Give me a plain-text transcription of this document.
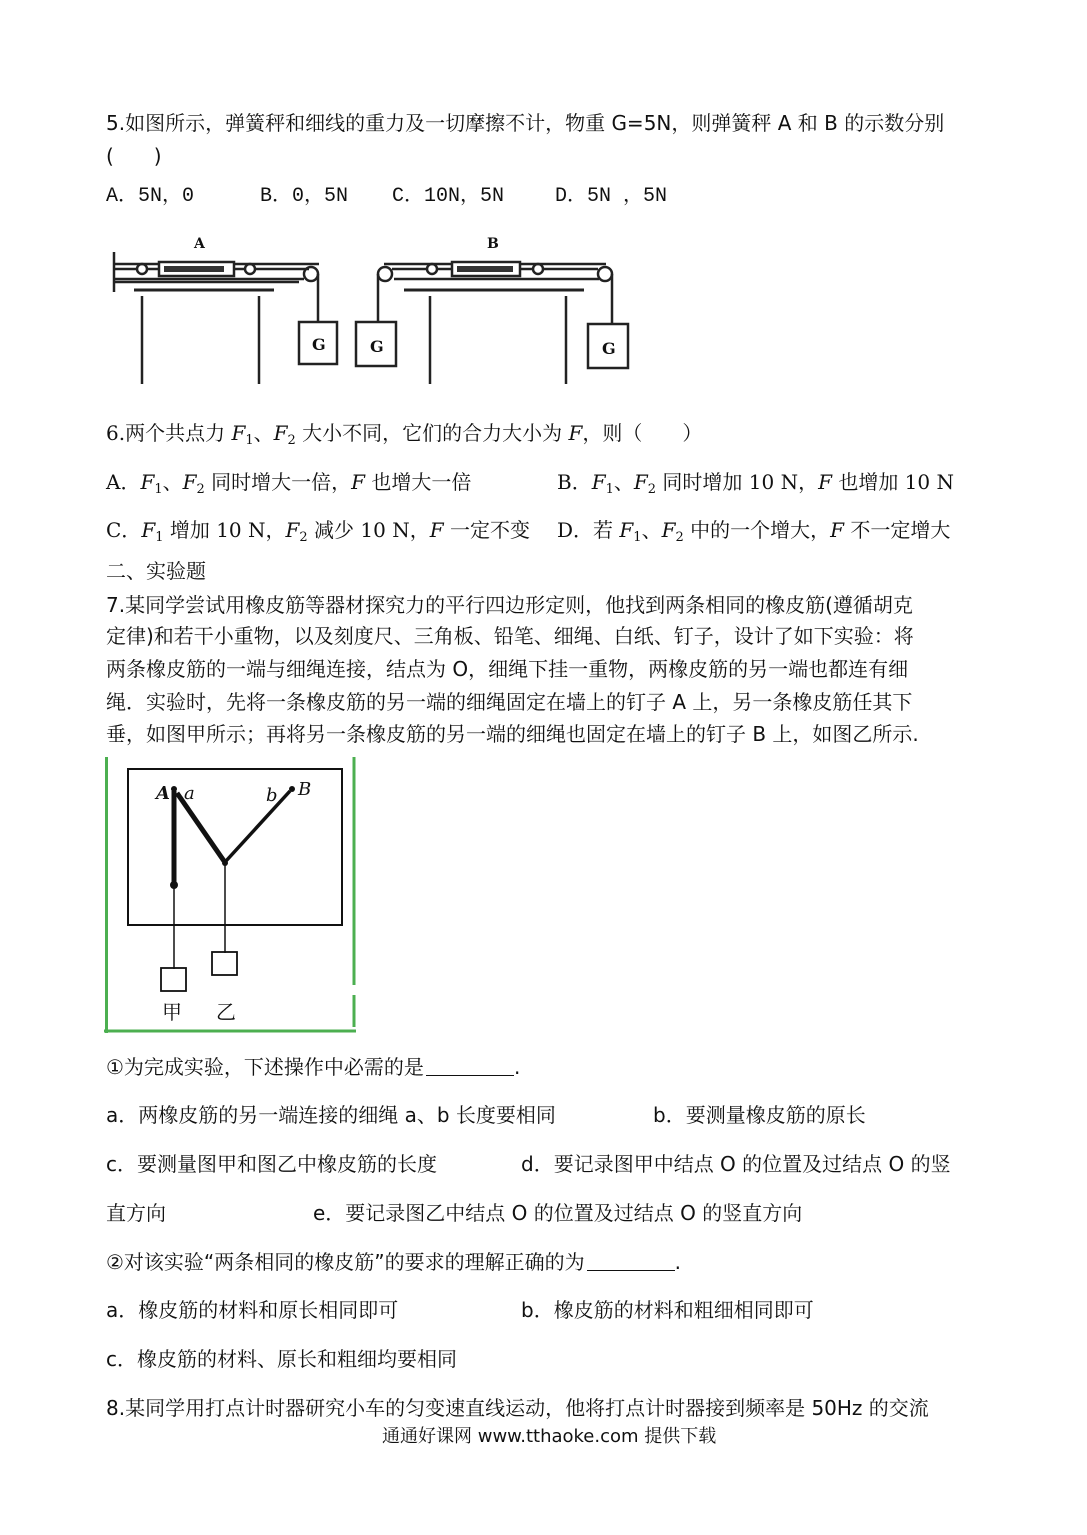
5.如图所示，弹簧秤和细线的重力及一切摩擦不计，物重 G=5N，则弹簧秤 A 和 B 的示数分别
(　　)
A．5N，0	B．0，5N C．10N，5N	D．5N ，5N
A	B
G	G	G
6.两个共点力 $F_1$、$F_2$ 大小不同，它们的合力大小为 F，则（　　）
A．$F_1$、$F_2$ 同时增大一倍，F 也增大一倍	B．$F_1$、$F_2$ 同时增加 10 N，F 也增加 10 N
C．$F_1$ 增加 10 N，$F_2$ 减少 10 N，F 一定不变 D．若 $F_1$、$F_2$ 中的一个增大，F 不一定增大
二、实验题
7.某同学尝试用橡皮筋等器材探究力的平行四边形定则，他找到两条相同的橡皮筋(遵循胡克
定律)和若干小重物，以及刻度尺、三角板、铅笔、细绳、白纸、钉子，设计了如下实验：将
两条橡皮筋的一端与细绳连接，结点为 O，细绳下挂一重物，两橡皮筋的另一端也都连有细
绳．实验时，先将一条橡皮筋的另一端的细绳固定在墙上的钉子 A 上，另一条橡皮筋任其下
垂，如图甲所示；再将另一条橡皮筋的另一端的细绳也固定在墙上的钉子 B 上，如图乙所示.
A a	b B
甲 乙
①为完成实验，下述操作中必需的是	.
a．两橡皮筋的另一端连接的细绳 a、b 长度要相同	b．要测量橡皮筋的原长
c．要测量图甲和图乙中橡皮筋的长度	d．要记录图甲中结点 O 的位置及过结点 O 的竖
直方向	e．要记录图乙中结点 O 的位置及过结点 O 的竖直方向
②对该实验“两条相同的橡皮筋”的要求的理解正确的为	.
a．橡皮筋的材料和原长相同即可	b．橡皮筋的材料和粗细相同即可
c．橡皮筋的材料、原长和粗细均要相同
8.某同学用打点计时器研究小车的匀变速直线运动，他将打点计时器接到频率是 50Hz 的交流
通通好课网 www.tthaoke.com 提供下载
